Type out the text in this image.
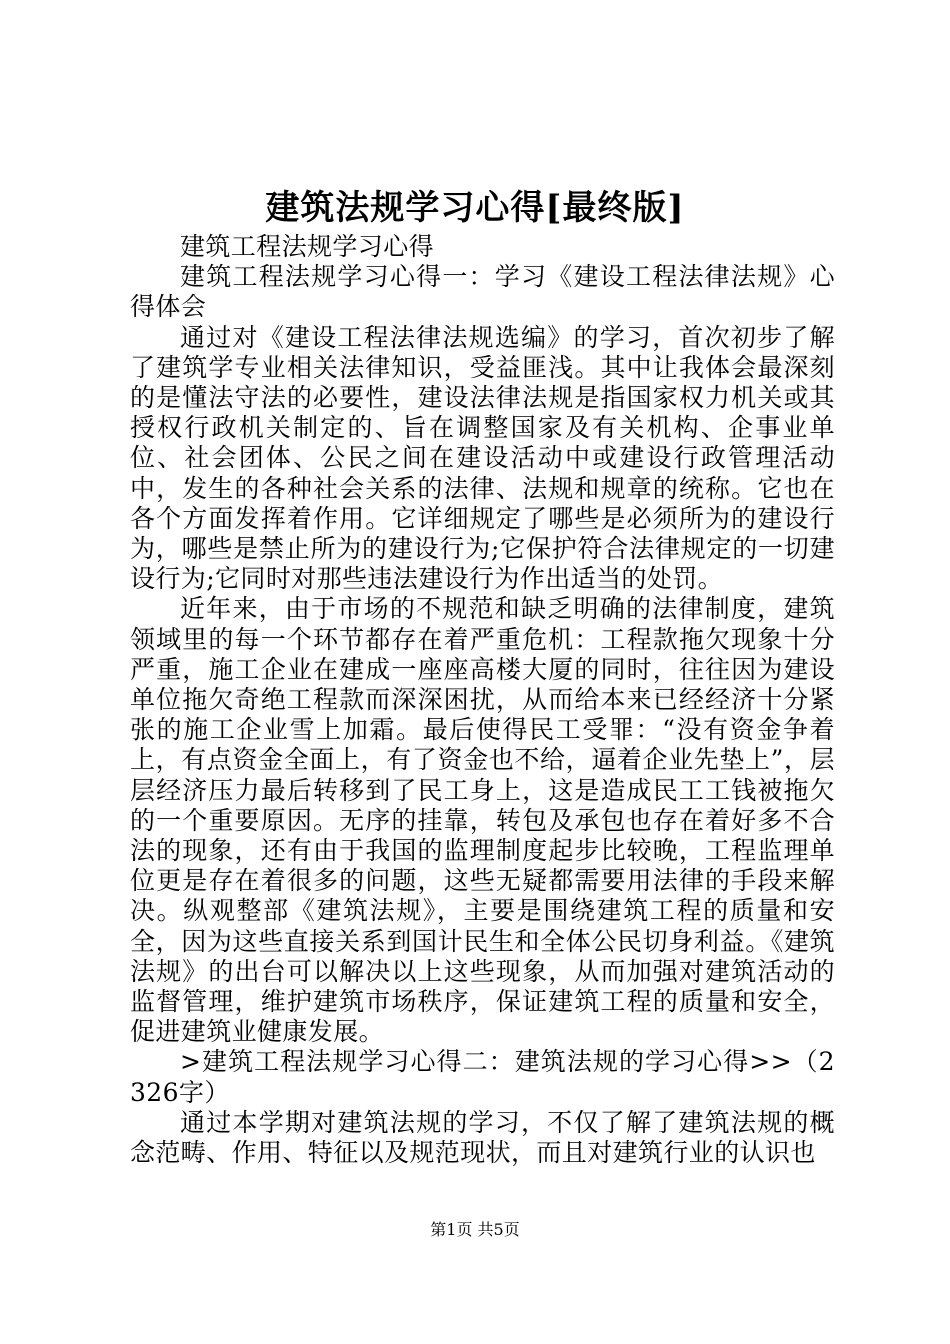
建筑法规学习心得[最终版]

建筑工程法规学习心得

建筑工程法规学习心得一：学习《建设工程法律法规》心得体会

通过对《建设工程法律法规选编》的学习，首次初步了解了建筑学专业相关法律知识，受益匪浅。其中让我体会最深刻的是懂法守法的必要性，建设法律法规是指国家权力机关或其授权行政机关制定的、旨在调整国家及有关机构、企事业单位、社会团体、公民之间在建设活动中或建设行政管理活动中，发生的各种社会关系的法律、法规和规章的统称。它也在各个方面发挥着作用。它详细规定了哪些是必须所为的建设行为，哪些是禁止所为的建设行为;它保护符合法律规定的一切建设行为;它同时对那些违法建设行为作出适当的处罚。

近年来，由于市场的不规范和缺乏明确的法律制度，建筑领域里的每一个环节都存在着严重危机：工程款拖欠现象十分严重，施工企业在建成一座座高楼大厦的同时，往往因为建设单位拖欠奇绝工程款而深深困扰，从而给本来已经经济十分紧张的施工企业雪上加霜。最后使得民工受罪：“没有资金争着上，有点资金全面上，有了资金也不给，逼着企业先垫上”，层层经济压力最后转移到了民工身上，这是造成民工工钱被拖欠的一个重要原因。无序的挂靠，转包及承包也存在着好多不合法的现象，还有由于我国的监理制度起步比较晚，工程监理单位更是存在着很多的问题，这些无疑都需要用法律的手段来解决。纵观整部《建筑法规》，主要是围绕建筑工程的质量和安全，因为这些直接关系到国计民生和全体公民切身利益。《建筑法规》的出台可以解决以上这些现象，从而加强对建筑活动的监督管理，维护建筑市场秩序，保证建筑工程的质量和安全，促进建筑业健康发展。

>建筑工程法规学习心得二：建筑法规的学习心得>>（2326字）

通过本学期对建筑法规的学习，不仅了解了建筑法规的概念范畴、作用、特征以及规范现状，而且对建筑行业的认识也

第1页 共5页
